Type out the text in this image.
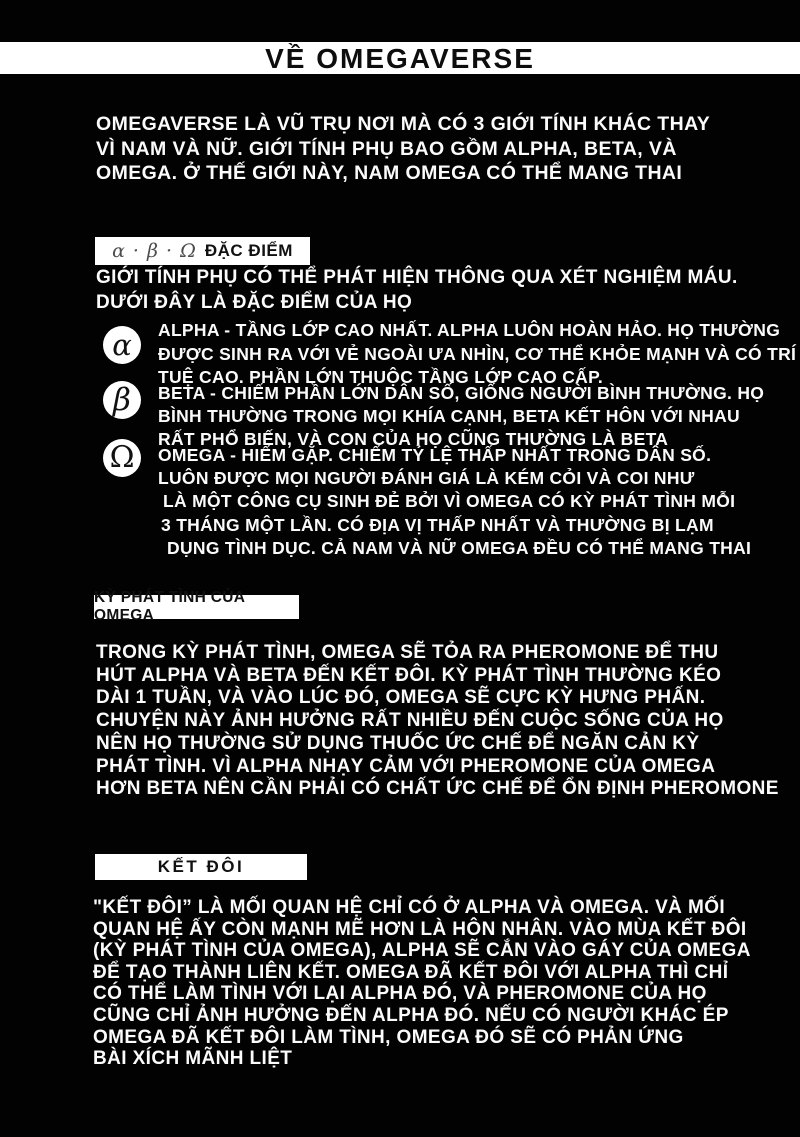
VỀ OMEGAVERSE
OMEGAVERSE LÀ VŨ TRỤ NƠI MÀ CÓ 3 GIỚI TÍNH KHÁC THAY
VÌ NAM VÀ NỮ. GIỚI TÍNH PHỤ BAO GỒM ALPHA, BETA, VÀ
OMEGA. Ở THẾ GIỚI NÀY, NAM OMEGA CÓ THỂ MANG THAI
α · β · Ω ĐẶC ĐIỂM
GIỚI TÍNH PHỤ CÓ THỂ PHÁT HIỆN THÔNG QUA XÉT NGHIỆM MÁU.
DƯỚI ĐÂY LÀ ĐẶC ĐIỂM CỦA HỌ
α ALPHA - TẦNG LỚP CAO NHẤT. ALPHA LUÔN HOÀN HẢO. HỌ THƯỜNG
ĐƯỢC SINH RA VỚI VẺ NGOÀI ƯA NHÌN, CƠ THỂ KHỎE MẠNH VÀ CÓ TRÍ
TUỆ CAO. PHẦN LỚN THUỘC TẦNG LỚP CAO CẤP.
β BETA - CHIẾM PHẦN LỚN DÂN SỐ, GIỐNG NGƯỜI BÌNH THƯỜNG. HỌ
BÌNH THƯỜNG TRONG MỌI KHÍA CẠNH, BETA KẾT HÔN VỚI NHAU
RẤT PHỔ BIẾN, VÀ CON CỦA HỌ CŨNG THƯỜNG LÀ BETA
Ω OMEGA - HIẾM GẶP. CHIẾM TỶ LỆ THẤP NHẤT TRONG DÂN SỐ.
LUÔN ĐƯỢC MỌI NGƯỜI ĐÁNH GIÁ LÀ KÉM CỎI VÀ COI NHƯ
LÀ MỘT CÔNG CỤ SINH ĐẺ BỞI VÌ OMEGA CÓ KỲ PHÁT TÌNH MỖI
3 THÁNG MỘT LẦN. CÓ ĐỊA VỊ THẤP NHẤT VÀ THƯỜNG BỊ LẠM
DỤNG TÌNH DỤC. CẢ NAM VÀ NỮ OMEGA ĐỀU CÓ THỂ MANG THAI
KỲ PHÁT TÌNH CỦA OMEGA
TRONG KỲ PHÁT TÌNH, OMEGA SẼ TỎA RA PHEROMONE ĐỂ THU
HÚT ALPHA VÀ BETA ĐẾN KẾT ĐÔI. KỲ PHÁT TÌNH THƯỜNG KÉO
DÀI 1 TUẦN, VÀ VÀO LÚC ĐÓ, OMEGA SẼ CỰC KỲ HƯNG PHẤN.
CHUYỆN NÀY ẢNH HƯỞNG RẤT NHIỀU ĐẾN CUỘC SỐNG CỦA HỌ
NÊN HỌ THƯỜNG SỬ DỤNG THUỐC ỨC CHẾ ĐỂ NGĂN CẢN KỲ
PHÁT TÌNH. VÌ ALPHA NHẠY CẢM VỚI PHEROMONE CỦA OMEGA
HƠN BETA NÊN CẦN PHẢI CÓ CHẤT ỨC CHẾ ĐỂ ỔN ĐỊNH PHEROMONE
KẾT ĐÔI
"KẾT ĐÔI” LÀ MỐI QUAN HỆ CHỈ CÓ Ở ALPHA VÀ OMEGA. VÀ MỐI
QUAN HỆ ẤY CÒN MẠNH MẼ HƠN LÀ HÔN NHÂN. VÀO MÙA KẾT ĐÔI
(KỲ PHÁT TÌNH CỦA OMEGA), ALPHA SẼ CẮN VÀO GÁY CỦA OMEGA
ĐỂ TẠO THÀNH LIÊN KẾT. OMEGA ĐÃ KẾT ĐÔI VỚI ALPHA THÌ CHỈ
CÓ THỂ LÀM TÌNH VỚI LẠI ALPHA ĐÓ, VÀ PHEROMONE CỦA HỌ
CŨNG CHỈ ẢNH HƯỞNG ĐẾN ALPHA ĐÓ. NẾU CÓ NGƯỜI KHÁC ÉP
OMEGA ĐÃ KẾT ĐÔI LÀM TÌNH, OMEGA ĐÓ SẼ CÓ PHẢN ỨNG
BÀI XÍCH MÃNH LIỆT
